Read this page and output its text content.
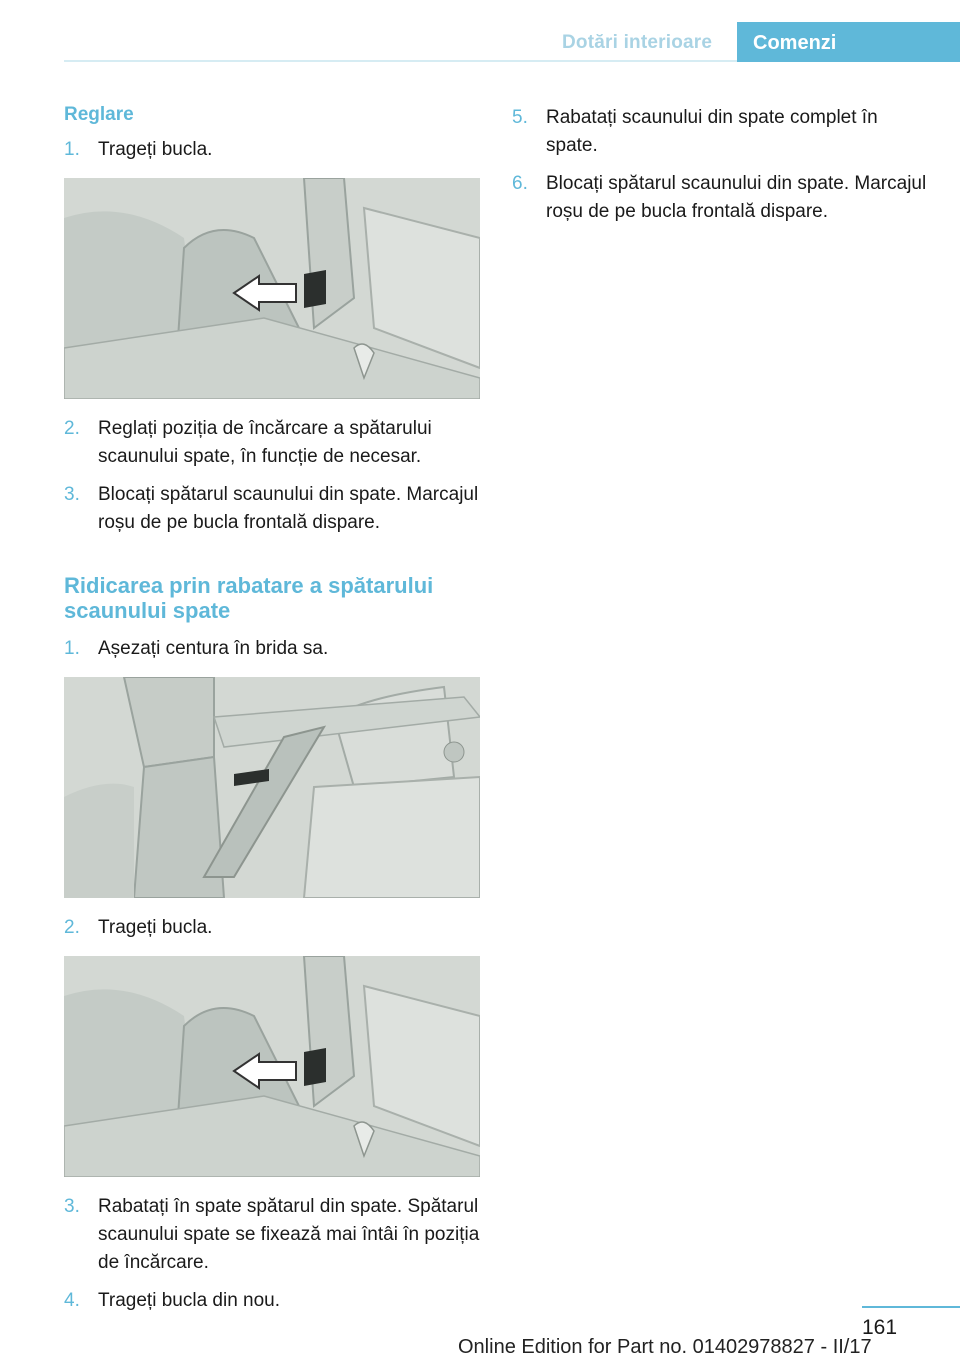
Dotări interioare	Comenzi
Reglare
1. Trageți bucla.
2. Reglați poziția de încărcare a spătarului scaunului spate, în funcție de necesar.
3. Blocați spătarul scaunului din spate. Marcajul roșu de pe bucla frontală dispare.
Ridicarea prin rabatare a spătarului scaunului spate
1. Așezați centura în brida sa.
2. Trageți bucla.
3. Rabatați în spate spătarul din spate. Spătarul scaunului spate se fixează mai întâi în poziția de încărcare.
4. Trageți bucla din nou.
5. Rabatați scaunului din spate complet în spate.
6. Blocați spătarul scaunului din spate. Marcajul roșu de pe bucla frontală dispare.
161
Online Edition for Part no. 01402978827 - II/17
